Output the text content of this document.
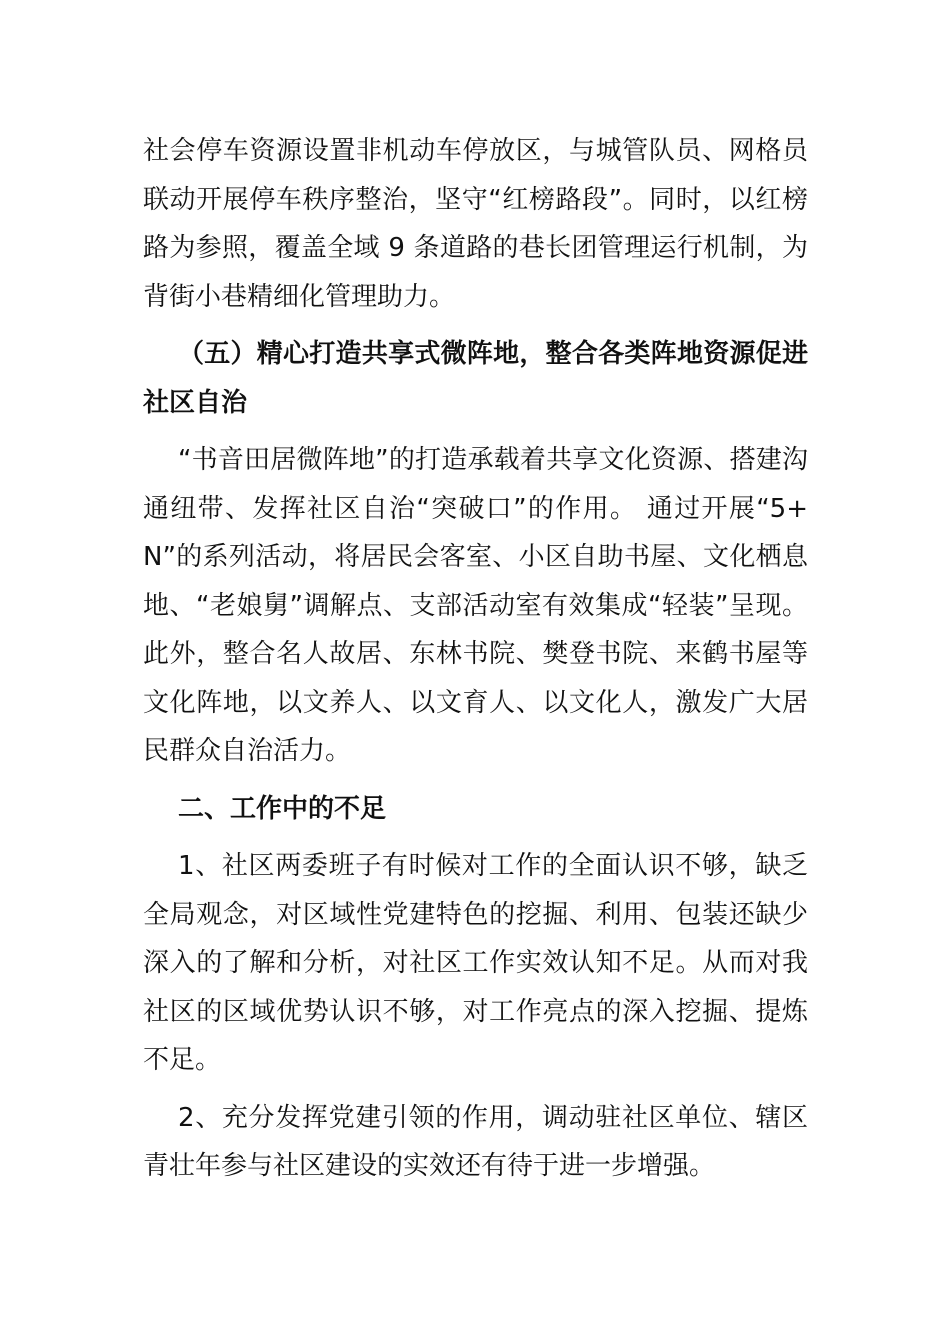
社会停车资源设置非机动车停放区，与城管队员、网格员联动开展停车秩序整治，坚守“红榜路段”。同时，以红榜路为参照，覆盖全域 9 条道路的巷长团管理运行机制，为背街小巷精细化管理助力。

（五）精心打造共享式微阵地，整合各类阵地资源促进社区自治

“书音田居微阵地”的打造承载着共享文化资源、搭建沟通纽带、发挥社区自治“突破口”的作用。 通过开展“5+N”的系列活动，将居民会客室、小区自助书屋、文化栖息地、“老娘舅”调解点、支部活动室有效集成“轻装”呈现。此外，整合名人故居、东林书院、樊登书院、来鹤书屋等文化阵地，以文养人、以文育人、以文化人，激发广大居民群众自治活力。

二、工作中的不足

1、社区两委班子有时候对工作的全面认识不够，缺乏全局观念，对区域性党建特色的挖掘、利用、包装还缺少深入的了解和分析，对社区工作实效认知不足。从而对我社区的区域优势认识不够，对工作亮点的深入挖掘、提炼不足。

2、充分发挥党建引领的作用，调动驻社区单位、辖区青壮年参与社区建设的实效还有待于进一步增强。
